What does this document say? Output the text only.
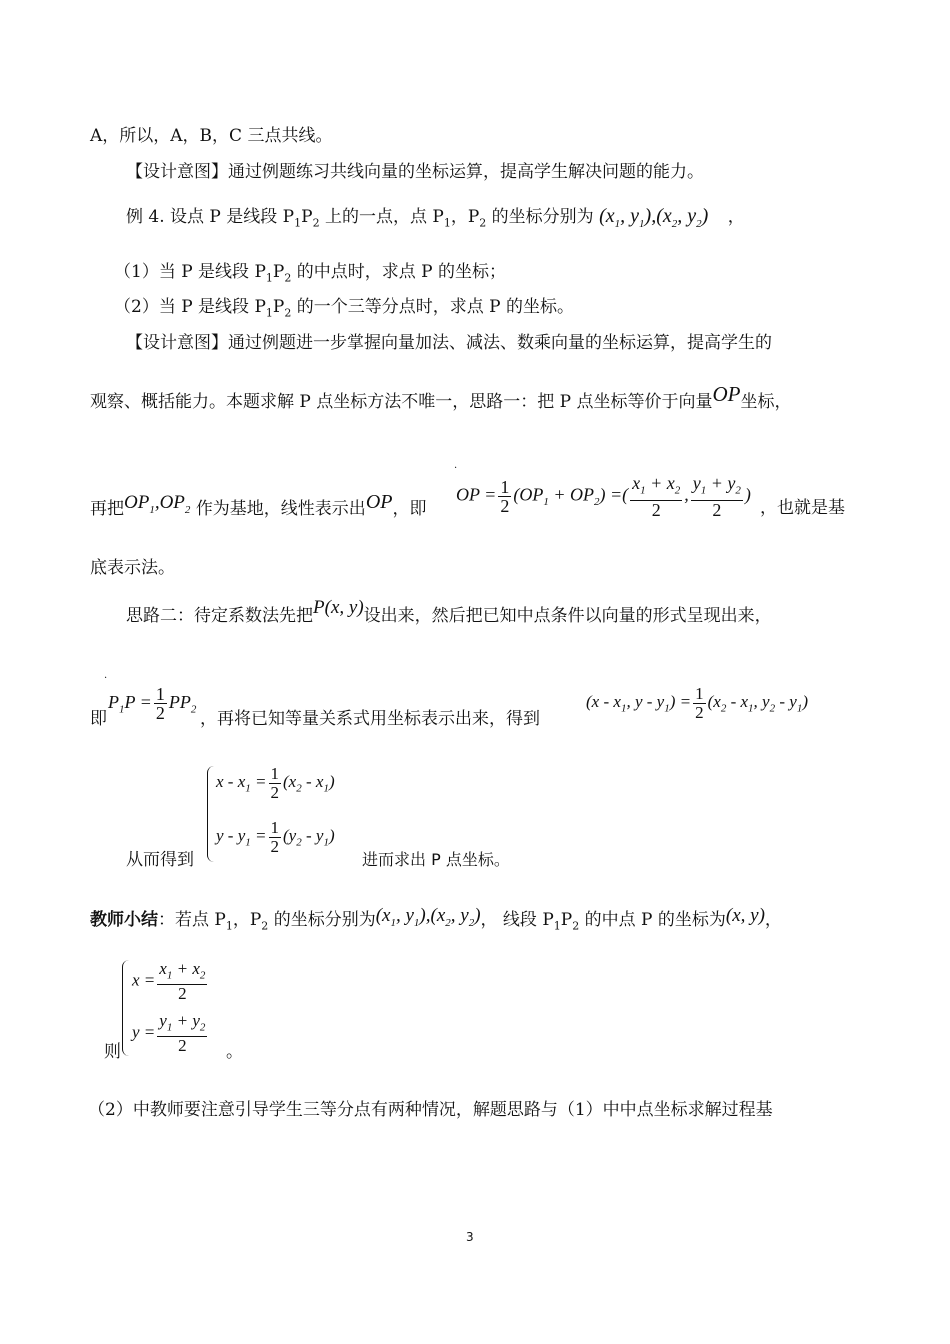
A，所以，A，B，C 三点共线。
【设计意图】通过例题练习共线向量的坐标运算，提高学生解决问题的能力。
例 4. 设点 P 是线段 $P_1P_2$ 上的一点，点 $P_1$，$P_2$ 的坐标分别为 ($x_1$, $y_1),(x_2$, $y_2$) ，
（1）当 P 是线段 $P_1P_2$ 的中点时，求点 P 的坐标；
（2）当 P 是线段 $P_1P_2$ 的一个三等分点时，求点 P 的坐标。
【设计意图】通过例题进一步掌握向量加法、减法、数乘向量的坐标运算，提高学生的
观察、概括能力。本题求解 P 点坐标方法不唯一，思路一：把 P 点坐标等价于向量OP坐标，
.
再把$OP_1,OP_2$ 作为基地，线性表示出OP，即
OP = $\frac{1}{2} (OP_1 + OP_2)$ =( $\frac{x_1 + x_2}{2}$ , $\frac{y_1 + y_2}{2}$ )
，也就是基
底表示法。
思路二：待定系数法先把P(x, y)设出来，然后把已知中点条件以向量的形式呈现出来，
.
即
$P_1P = \frac{1}{2} PP_2$ ，再将已知等量关系式用坐标表示出来，得到
($x - x_1$, $y - y_1) = \frac{1}{2} (x_2 - x_1$, $y_2 - y_1$)
$x - x_1 = \frac{1}{2} (x_2 - x_1)$
$y - y_1 = \frac{1}{2} (y_2 - y_1)$
从而得到	进而求出 P 点坐标。
教师小结：若点 $P_1$，$P_2$ 的坐标分别为($x_1$, $y_1),(x_2$, $y_2$)， 线段 $P_1P_2$ 的中点 P 的坐标为(x, y)，
$x = \frac{x_1 + x_2}{2}$
$y = \frac{y_1 + y_2}{2}$
则	。
（2）中教师要注意引导学生三等分点有两种情况，解题思路与（1）中中点坐标求解过程基
3
